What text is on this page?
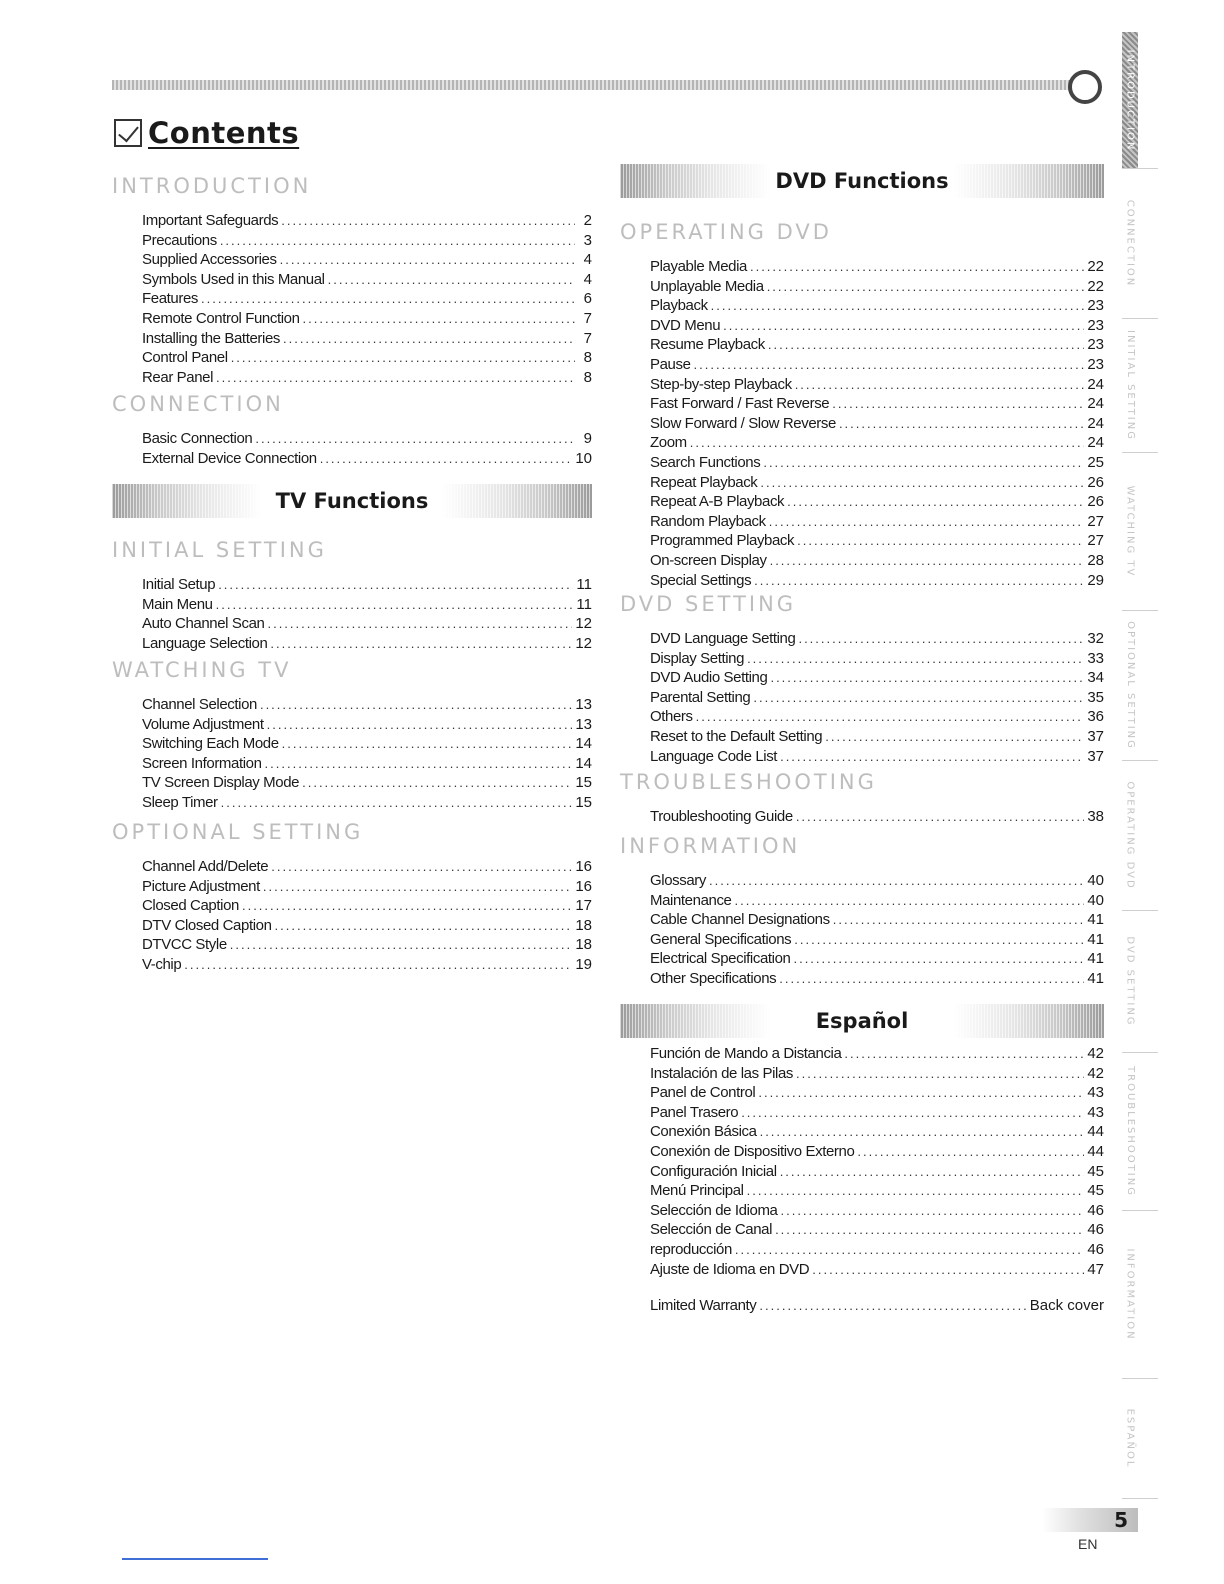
Contents
INTRODUCTION
Important Safeguards .....	2
Precautions .....	3
Supplied Accessories .....	4
Symbols Used in this Manual .....	4
Features .....	6
Remote Control Function .....	7
Installing the Batteries .....	7
Control Panel .....	8
Rear Panel .....	8
CONNECTION
Basic Connection .....	9
External Device Connection .....	10
TV Functions
INITIAL SETTING
Initial Setup .....	11
Main Menu .....	11
Auto Channel Scan .....	12
Language Selection .....	12
WATCHING TV
Channel Selection .....	13
Volume Adjustment .....	13
Switching Each Mode .....	14
Screen Information .....	14
TV Screen Display Mode .....	15
Sleep Timer .....	15
OPTIONAL SETTING
Channel Add/Delete .....	16
Picture Adjustment .....	16
Closed Caption .....	17
DTV Closed Caption .....	18
DTVCC Style .....	18
V-chip .....	19
DVD Functions
OPERATING DVD
Playable Media .....	22
Unplayable Media .....	22
Playback .....	23
DVD Menu .....	23
Resume Playback .....	23
Pause .....	23
Step-by-step Playback .....	24
Fast Forward / Fast Reverse .....	24
Slow Forward / Slow Reverse .....	24
Zoom .....	24
Search Functions .....	25
Repeat Playback .....	26
Repeat A-B Playback .....	26
Random Playback .....	27
Programmed Playback .....	27
On-screen Display .....	28
Special Settings .....	29
DVD SETTING
DVD Language Setting .....	32
Display Setting .....	33
DVD Audio Setting .....	34
Parental Setting .....	35
Others .....	36
Reset to the Default Setting .....	37
Language Code List .....	37
TROUBLESHOOTING
Troubleshooting Guide .....	38
INFORMATION
Glossary .....	40
Maintenance .....	40
Cable Channel Designations .....	41
General Specifications .....	41
Electrical Specification .....	41
Other Specifications .....	41
Español
Función de Mando a Distancia .....	42
Instalación de las Pilas .....	42
Panel de Control .....	43
Panel Trasero .....	43
Conexión Básica .....	44
Conexión de Dispositivo Externo .....	44
Configuración Inicial .....	45
Menú Principal .....	45
Selección de Idioma .....	46
Selección de Canal .....	46
reproducción .....	46
Ajuste de Idioma en DVD .....	47
Limited Warranty .....	Back cover
INTRODUCTION
CONNECTION
INITIAL SETTING
WATCHING TV
OPTIONAL SETTING
OPERATING DVD
DVD SETTING
TROUBLESHOOTING
INFORMATION
ESPAÑOL
5
EN
